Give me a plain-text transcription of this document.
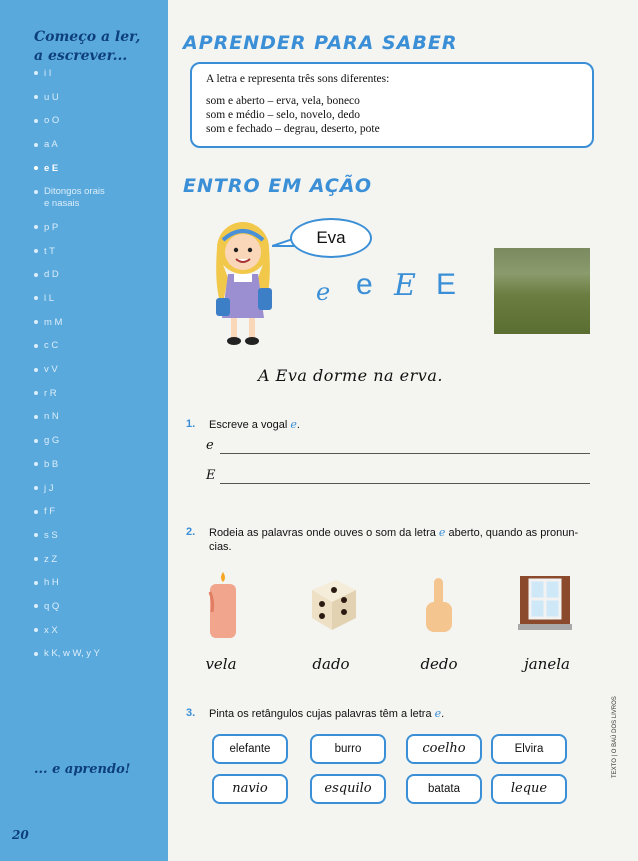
Começo a ler,
a escrever...
i I
u U
o O
a A
e E
Ditongos orais
e nasais
p P
t T
d D
l L
m M
c C
v V
r R
n N
g G
b B
j J
f F
s S
z Z
h H
q Q
x X
k K, w W, y Y
... e aprendo!
20
APRENDER PARA SABER
A letra e representa três sons diferentes:
som e aberto – erva, vela, boneco
som e médio – selo, novelo, dedo
som e fechado – degrau, deserto, pote
ENTRO EM AÇÃO
Eva
e e E E
A Eva dorme na erva.
1. Escreve a vogal e.
e
E
2. Rodeia as palavras onde ouves o som da letra e aberto, quando as pronun-cias.
vela	dado	dedo	janela
3. Pinta os retângulos cujas palavras têm a letra e.
elefante	burro	coelho	Elvira
navio	esquilo	batata	leque
TEXTO | O BAÚ DOS LIVROS
